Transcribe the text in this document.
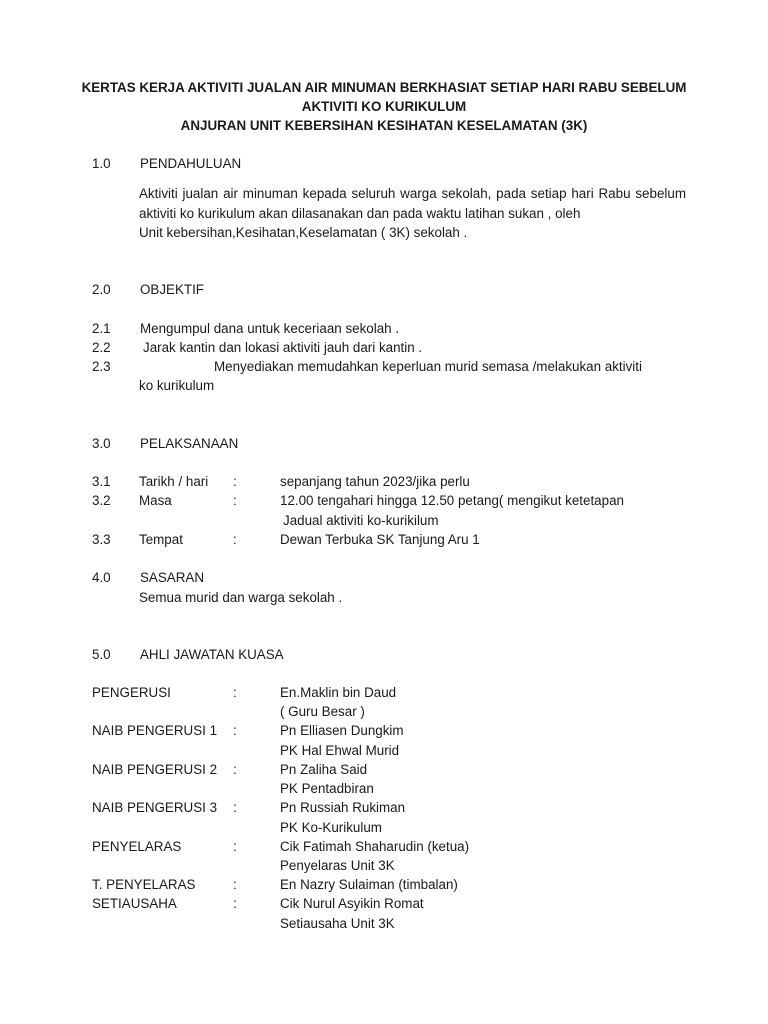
KERTAS KERJA AKTIVITI JUALAN AIR MINUMAN BERKHASIAT SETIAP HARI RABU SEBELUM
AKTIVITI KO KURIKULUM
ANJURAN UNIT KEBERSIHAN KESIHATAN KESELAMATAN (3K)
1.0 PENDAHULUAN
Aktiviti jualan air minuman kepada seluruh warga sekolah, pada setiap hari Rabu sebelum aktiviti ko kurikulum akan dilasanakan dan pada waktu latihan sukan , oleh
Unit kebersihan,Kesihatan,Keselamatan ( 3K) sekolah .
2.0 OBJEKTIF
2.1 Mengumpul dana untuk keceriaan sekolah .
2.2 Jarak kantin dan lokasi aktiviti jauh dari kantin .
2.3	Menyediakan memudahkan keperluan murid semasa /melakukan aktiviti
ko kurikulum
3.0 PELAKSANAAN
3.1 Tarikh / hari :	sepanjang tahun 2023/jika perlu
3.2 Masa	:	12.00 tengahari hingga 12.50 petang( mengikut ketetapan
Jadual aktiviti ko-kurikilum
3.3 Tempat	:	Dewan Terbuka SK Tanjung Aru 1
4.0 SASARAN
Semua murid dan warga sekolah .
5.0 AHLI JAWATAN KUASA
PENGERUSI	:	En.Maklin bin Daud
( Guru Besar )
NAIB PENGERUSI 1 :	Pn Elliasen Dungkim
PK Hal Ehwal Murid
NAIB PENGERUSI 2 :	Pn Zaliha Said
PK Pentadbiran
NAIB PENGERUSI 3 :	Pn Russiah Rukiman
PK Ko-Kurikulum
PENYELARAS	:	Cik Fatimah Shaharudin (ketua)
Penyelaras Unit 3K
T. PENYELARAS	:	En Nazry Sulaiman (timbalan)
SETIAUSAHA	:	Cik Nurul Asyikin Romat
Setiausaha Unit 3K
